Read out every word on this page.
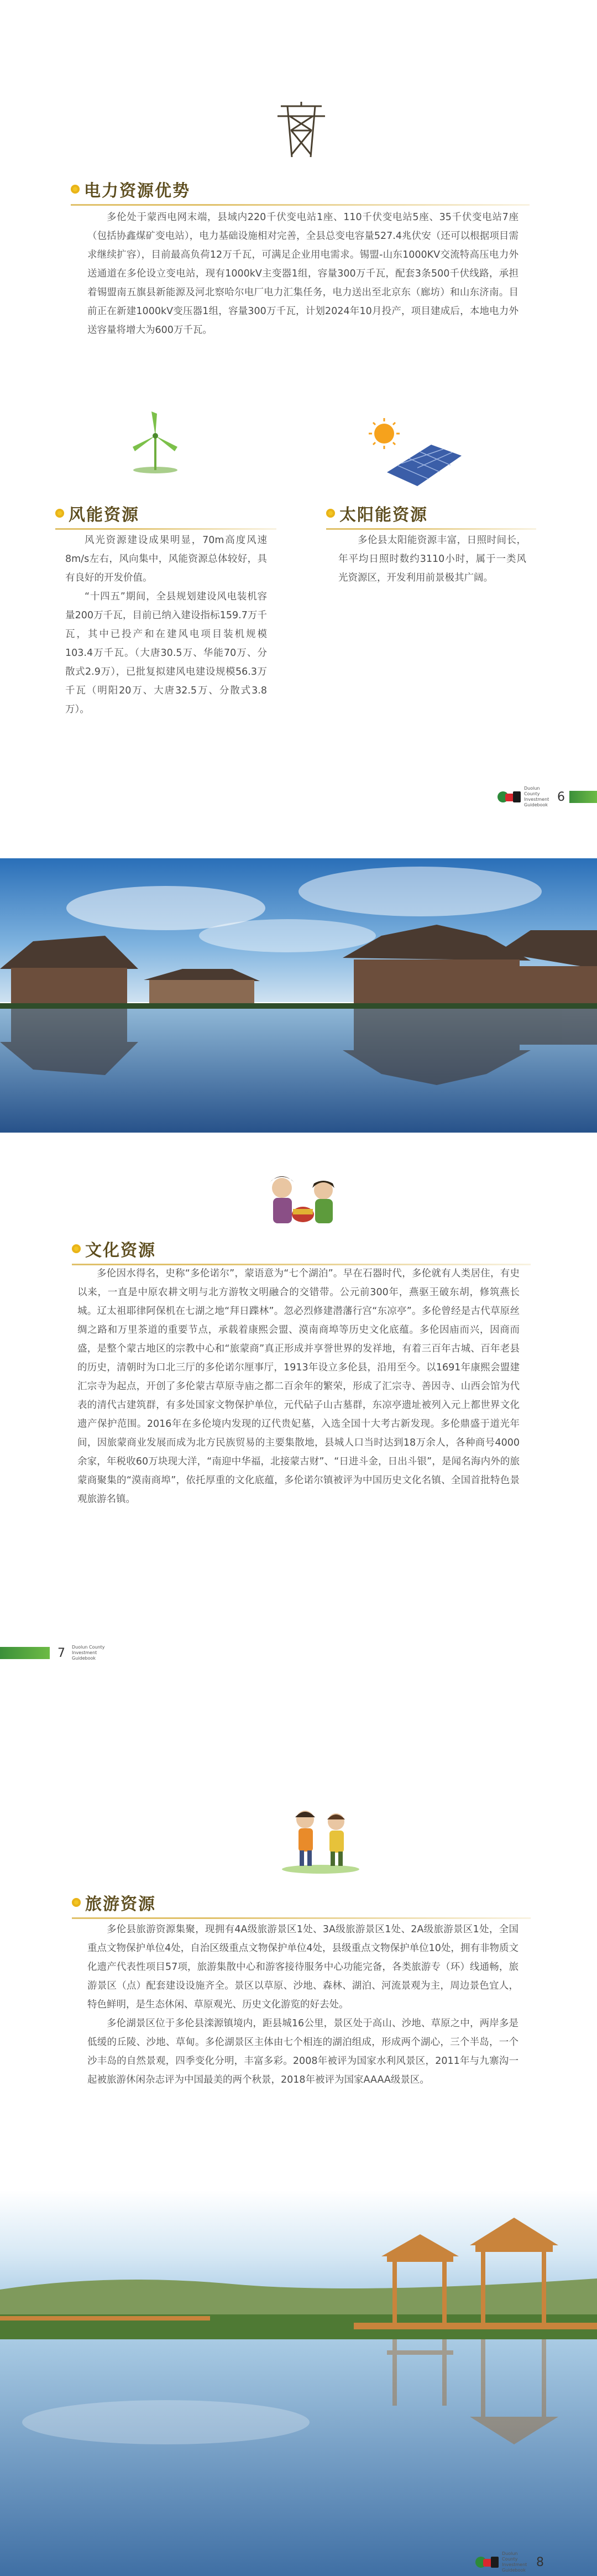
电力资源优势

多伦处于蒙西电网末端，县域内220千伏变电站1座、110千伏变电站5座、35千伏变电站7座（包括协鑫煤矿变电站），电力基础设施相对完善，全县总变电容量527.4兆伏安（还可以根据项目需求继续扩容），目前最高负荷12万千瓦，可满足企业用电需求。锡盟-山东1000KV交流特高压电力外送通道在多伦设立变电站，现有1000kV主变器1组，容量300万千瓦，配套3条500千伏线路，承担着锡盟南五旗县新能源及河北察哈尔电厂电力汇集任务，电力送出至北京东（廊坊）和山东济南。目前正在新建1000kV变压器1组，容量300万千瓦，计划2024年10月投产，项目建成后，本地电力外送容量将增大为600万千瓦。

风能资源

风光资源建设成果明显，70m高度风速8m/s左右，风向集中，风能资源总体较好，具有良好的开发价值。

“十四五”期间，全县规划建设风电装机容量200万千瓦，目前已纳入建设指标159.7万千瓦，其中已投产和在建风电项目装机规模103.4万千瓦。（大唐30.5万、华能70万、分散式2.9万），已批复拟建风电建设规模56.3万千瓦（明阳20万、大唐32.5万、分散式3.8万）。

太阳能资源

多伦县太阳能资源丰富，日照时间长，年平均日照时数约3110小时，属于一类风光资源区，开发利用前景极其广阔。

Duolun County Investment Guidebook
6
文化资源

多伦因水得名，史称“多伦诺尔”，蒙语意为“七个湖泊”。早在石器时代，多伦就有人类居住，有史以来，一直是中原农耕文明与北方游牧文明融合的交错带。公元前300年，燕驱王破东胡，修筑燕长城。辽太祖耶律阿保机在七湖之地“拜日蹀林”。忽必烈修建潜藩行宫“东凉亭”。多伦曾经是古代草原丝绸之路和万里茶道的重要节点，承载着康熙会盟、漠南商埠等历史文化底蕴。多伦因庙而兴，因商而盛，是整个蒙古地区的宗教中心和“旅蒙商”真正形成并享誉世界的发祥地，有着三百年古城、百年老县的历史，清朝时为口北三厅的多伦诺尔厘事厅，1913年设立多伦县，沿用至今。以1691年康熙会盟建汇宗寺为起点，开创了多伦蒙古草原寺庙之都二百余年的繁荣，形成了汇宗寺、善因寺、山西会馆为代表的清代古建筑群，有多处国家文物保护单位，元代砧子山古墓群，东凉亭遗址被列入元上都世界文化遗产保护范围。2016年在多伦境内发现的辽代贵妃墓，入选全国十大考古新发现。多伦鼎盛于道光年间，因旅蒙商业发展而成为北方民族贸易的主要集散地，县城人口当时达到18万余人，各种商号4000余家，年税收60万块现大洋，“南迎中华福，北接蒙古财”、“日进斗金，日出斗银”，是闻名海内外的旅蒙商聚集的“漠南商埠”，依托厚重的文化底蕴，多伦诺尔镇被评为中国历史文化名镇、全国首批特色景观旅游名镇。

7 Duolun County Investment Guidebook
旅游资源

多伦县旅游资源集聚，现拥有4A级旅游景区1处、3A级旅游景区1处、2A级旅游景区1处，全国重点文物保护单位4处，自治区级重点文物保护单位4处，县级重点文物保护单位10处，拥有非物质文化遗产代表性项目57项，旅游集散中心和游客接待服务中心功能完备，各类旅游专（环）线通畅，旅游景区（点）配套建设设施齐全。景区以草原、沙地、森林、湖泊、河流景观为主，周边景色宜人，特色鲜明，是生态休闲、草原观光、历史文化游览的好去处。

多伦湖景区位于多伦县滦源镇境内，距县城16公里，景区处于高山、沙地、草原之中，两岸多是低缓的丘陵、沙地、草甸。多伦湖景区主体由七个相连的湖泊组成，形成两个湖心，三个半岛，一个沙丰岛的自然景观，四季变化分明，丰富多彩。2008年被评为国家水利风景区，2011年与九寨沟一起被旅游休闲杂志评为中国最美的两个秋景，2018年被评为国家AAAA级景区。

Duolun County Investment Guidebook
8
